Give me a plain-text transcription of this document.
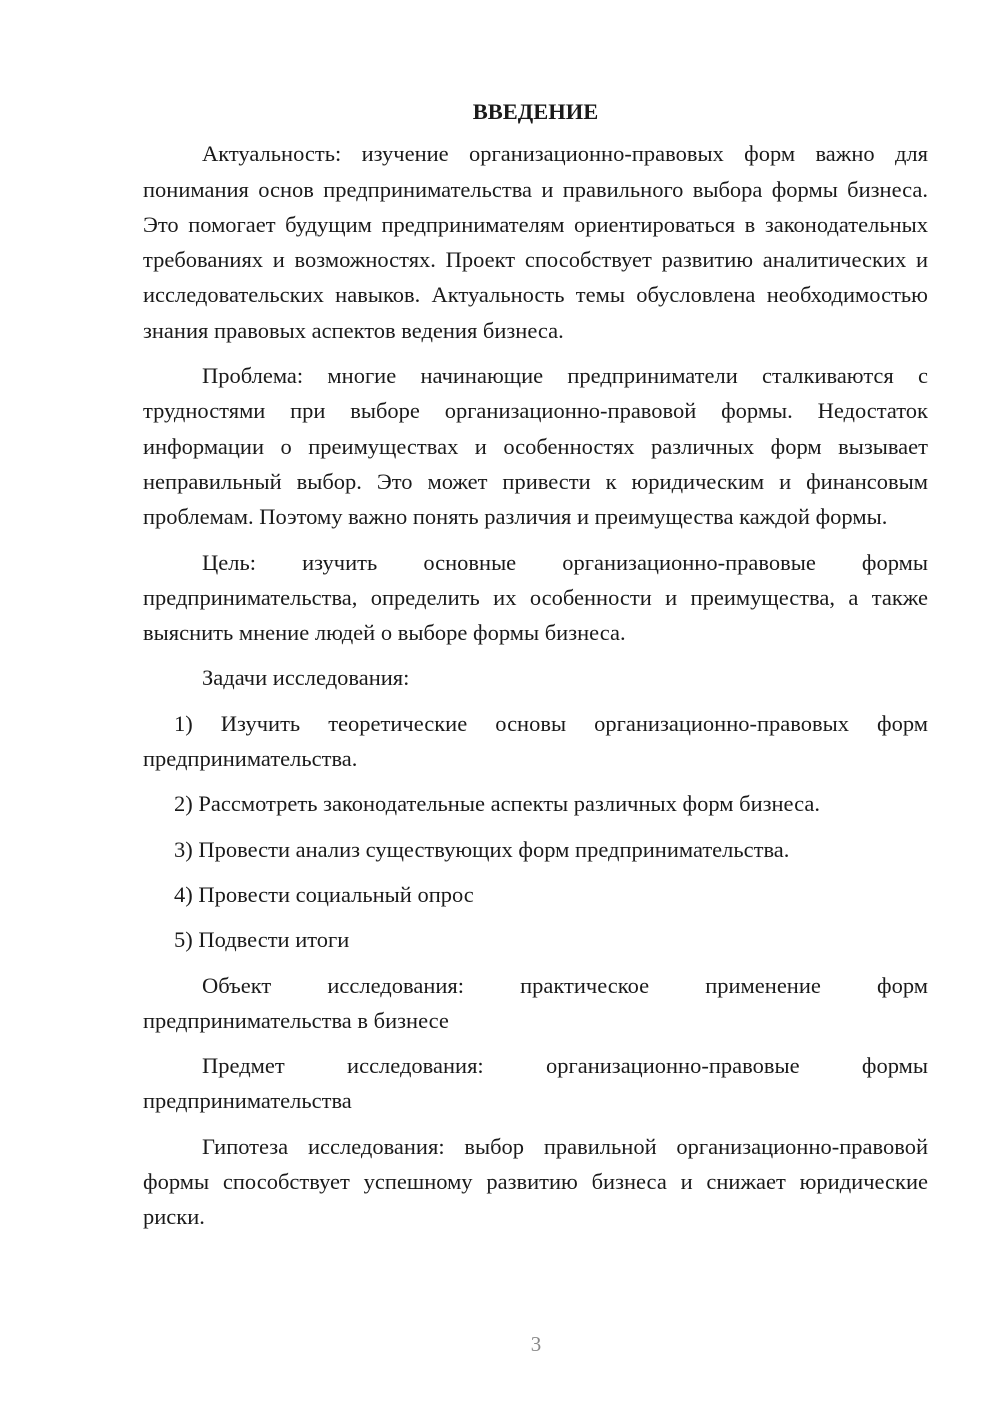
ВВЕДЕНИЕ

Актуальность: изучение организационно-правовых форм важно для понимания основ предпринимательства и правильного выбора формы бизнеса. Это помогает будущим предпринимателям ориентироваться в законодательных требованиях и возможностях. Проект способствует развитию аналитических и исследовательских навыков. Актуальность темы обусловлена необходимостью знания правовых аспектов ведения бизнеса.

Проблема: многие начинающие предприниматели сталкиваются с трудностями при выборе организационно-правовой формы. Недостаток информации о преимуществах и особенностях различных форм вызывает неправильный выбор. Это может привести к юридическим и финансовым проблемам. Поэтому важно понять различия и преимущества каждой формы.

Цель: изучить основные организационно-правовые формы предпринимательства, определить их особенности и преимущества, а также выяснить мнение людей о выборе формы бизнеса.

Задачи исследования:

1) Изучить теоретические основы организационно-правовых форм предпринимательства.

2) Рассмотреть законодательные аспекты различных форм бизнеса.

3) Провести анализ существующих форм предпринимательства.

4) Провести социальный опрос

5) Подвести итоги

Объект исследования: практическое применение форм предпринимательства в бизнесе

Предмет исследования: организационно-правовые формы предпринимательства

Гипотеза исследования: выбор правильной организационно-правовой формы способствует успешному развитию бизнеса и снижает юридические риски.

3
